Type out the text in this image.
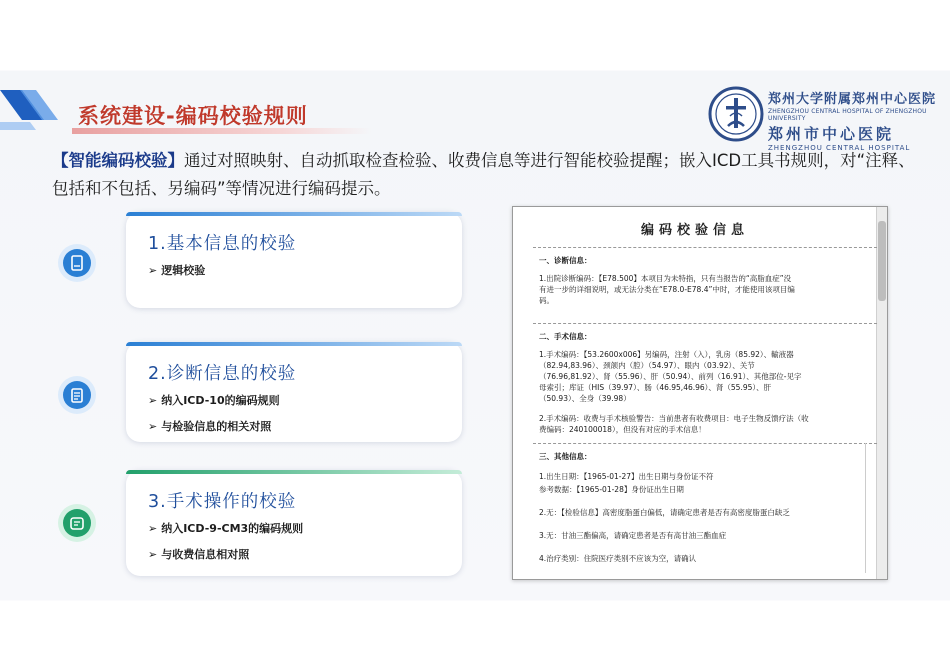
系统建设-编码校验规则
郑州大学附属郑州中心医院
ZHENGZHOU CENTRAL HOSPITAL OF ZHENGZHOU UNIVERSITY
郑州市中心医院
ZHENGZHOU CENTRAL HOSPITAL
【智能编码校验】通过对照映射、自动抓取检查检验、收费信息等进行智能校验提醒；嵌入ICD工具书规则，对“注释、包括和不包括、另编码”等情况进行编码提示。
1.基本信息的校验
➢ 逻辑校验
2.诊断信息的校验
➢ 纳入ICD-10的编码规则
➢ 与检验信息的相关对照
3.手术操作的校验
➢ 纳入ICD-9-CM3的编码规则
➢ 与收费信息相对照
编码校验信息
一、诊断信息：
1.出院诊断编码：【E78.500】本项目为未特指，只有当报告的“高脂血症”没
有进一步的详细说明，或无法分类在“E78.0-E78.4”中时，才能使用该项目编
码。
二、手术信息：
1.手术编码：【53.2600x006】另编码，注射（入），乳房（85.92）、輸液器
（82.94,83.96）、颈颌内（腔）（54.97）、眼内（03.92）、关节
（76.96,81.92）、肾（55.96）、肝（50.94）、前列（16.91）、其他部位-见字
母索引；库证（HIS（39.97）、肠（46.95,46.96）、肾（55.95）、肝
（50.93）、全身（39.98）
2.手术编码：收费与手术核验警告：当前患者有收费项目：电子生物反馈疗法（收
费编码：240100018），但没有对应的手术信息！
三、其他信息：
1.出生日期：【1965-01-27】出生日期与身份证不符
参考数据：【1965-01-28】身份证出生日期
2.无：【检验信息】高密度脂蛋白偏低，请确定患者是否有高密度脂蛋白缺乏
3.无：甘油三酯偏高，请确定患者是否有高甘油三酯血症
4.治疗类别：住院医疗类别不应该为空，请确认
